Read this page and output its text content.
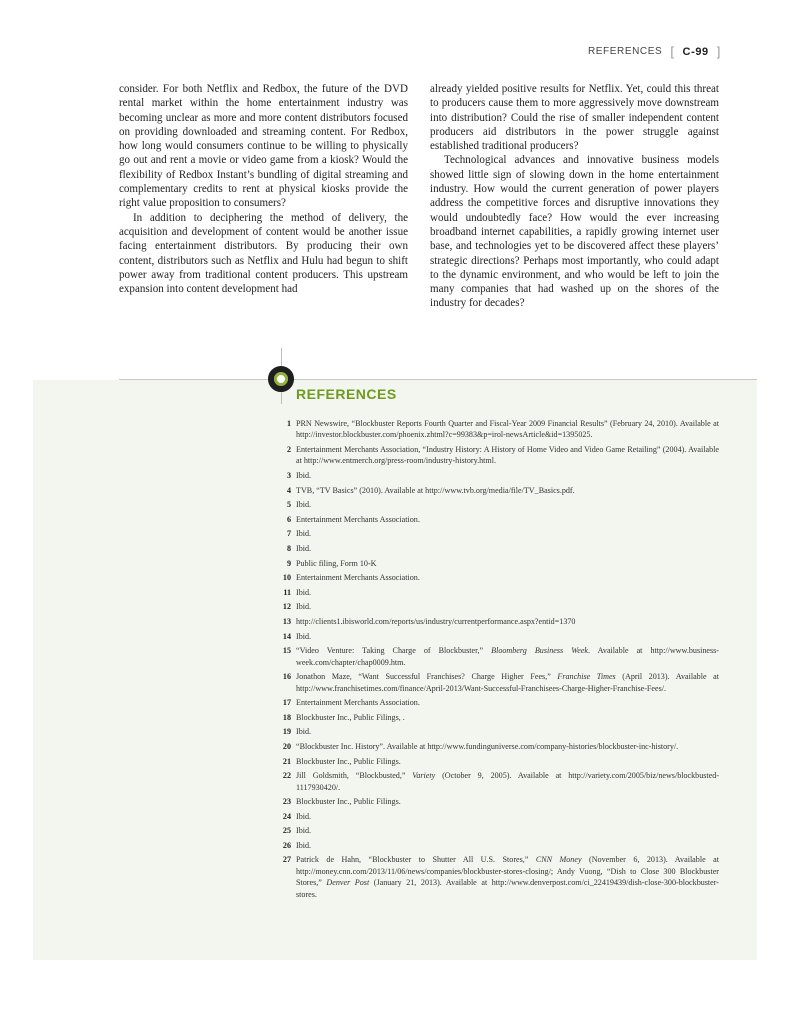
REFERENCES [ C-99 ]

consider. For both Netflix and Redbox, the future of the DVD rental market within the home entertainment industry was becoming unclear as more and more content distributors focused on providing downloaded and streaming content. For Redbox, how long would consumers continue to be willing to physically go out and rent a movie or video game from a kiosk? Would the flexibility of Redbox Instant’s bundling of digital streaming and complementary credits to rent at physical kiosks provide the right value proposition to consumers?

In addition to deciphering the method of delivery, the acquisition and development of content would be another issue facing entertainment distributors. By producing their own content, distributors such as Netflix and Hulu had begun to shift power away from traditional content producers. This upstream expansion into content development had

already yielded positive results for Netflix. Yet, could this threat to producers cause them to more aggressively move downstream into distribution? Could the rise of smaller independent content producers aid distributors in the power struggle against established traditional producers?

Technological advances and innovative business models showed little sign of slowing down in the home entertainment industry. How would the current generation of power players address the competitive forces and disruptive innovations they would undoubtedly face? How would the ever increasing broadband internet capabilities, a rapidly growing internet user base, and technologies yet to be discovered affect these players’ strategic directions? Perhaps most importantly, who could adapt to the dynamic environment, and who would be left to join the many companies that had washed up on the shores of the industry for decades?

REFERENCES
1 PRN Newswire, “Blockbuster Reports Fourth Quarter and Fiscal-Year 2009 Financial Results” (February 24, 2010). Available at http://investor.blockbuster.com/phoenix.zhtml?c=99383&p=irol-newsArticle&id=1395025.
2 Entertainment Merchants Association, “Industry History: A History of Home Video and Video Game Retailing” (2004). Available at http://www.entmerch.org/press-room/industry-history.html.
3 Ibid.
4 TVB, “TV Basics” (2010). Available at http://www.tvb.org/media/file/TV_Basics.pdf.
5 Ibid.
6 Entertainment Merchants Association.
7 Ibid.
8 Ibid.
9 Public filing, Form 10-K
10 Entertainment Merchants Association.
11 Ibid.
12 Ibid.
13 http://clients1.ibisworld.com/reports/us/industry/currentperformance.aspx?entid=1370
14 Ibid.
15 “Video Venture: Taking Charge of Blockbuster,” Bloomberg Business Week. Available at http://www.business-week.com/chapter/chap0009.htm.
16 Jonathon Maze, “Want Successful Franchises? Charge Higher Fees,” Franchise Times (April 2013). Available at http://www.franchisetimes.com/finance/April-2013/Want-Successful-Franchisees-Charge-Higher-Franchise-Fees/.
17 Entertainment Merchants Association.
18 Blockbuster Inc., Public Filings, .
19 Ibid.
20 “Blockbuster Inc. History”. Available at http://www.fundinguniverse.com/company-histories/blockbuster-inc-history/.
21 Blockbuster Inc., Public Filings.
22 Jill Goldsmith, “Blockbusted,” Variety (October 9, 2005). Available at http://variety.com/2005/biz/news/blockbusted-1117930420/.
23 Blockbuster Inc., Public Filings.
24 Ibid.
25 Ibid.
26 Ibid.
27 Patrick de Hahn, “Blockbuster to Shutter All U.S. Stores,” CNN Money (November 6, 2013). Available at http://money.cnn.com/2013/11/06/news/companies/blockbuster-stores-closing/; Andy Vuong, “Dish to Close 300 Blockbuster Stores,” Denver Post (January 21, 2013). Available at http://www.denverpost.com/ci_22419439/dish-close-300-blockbuster-stores.
